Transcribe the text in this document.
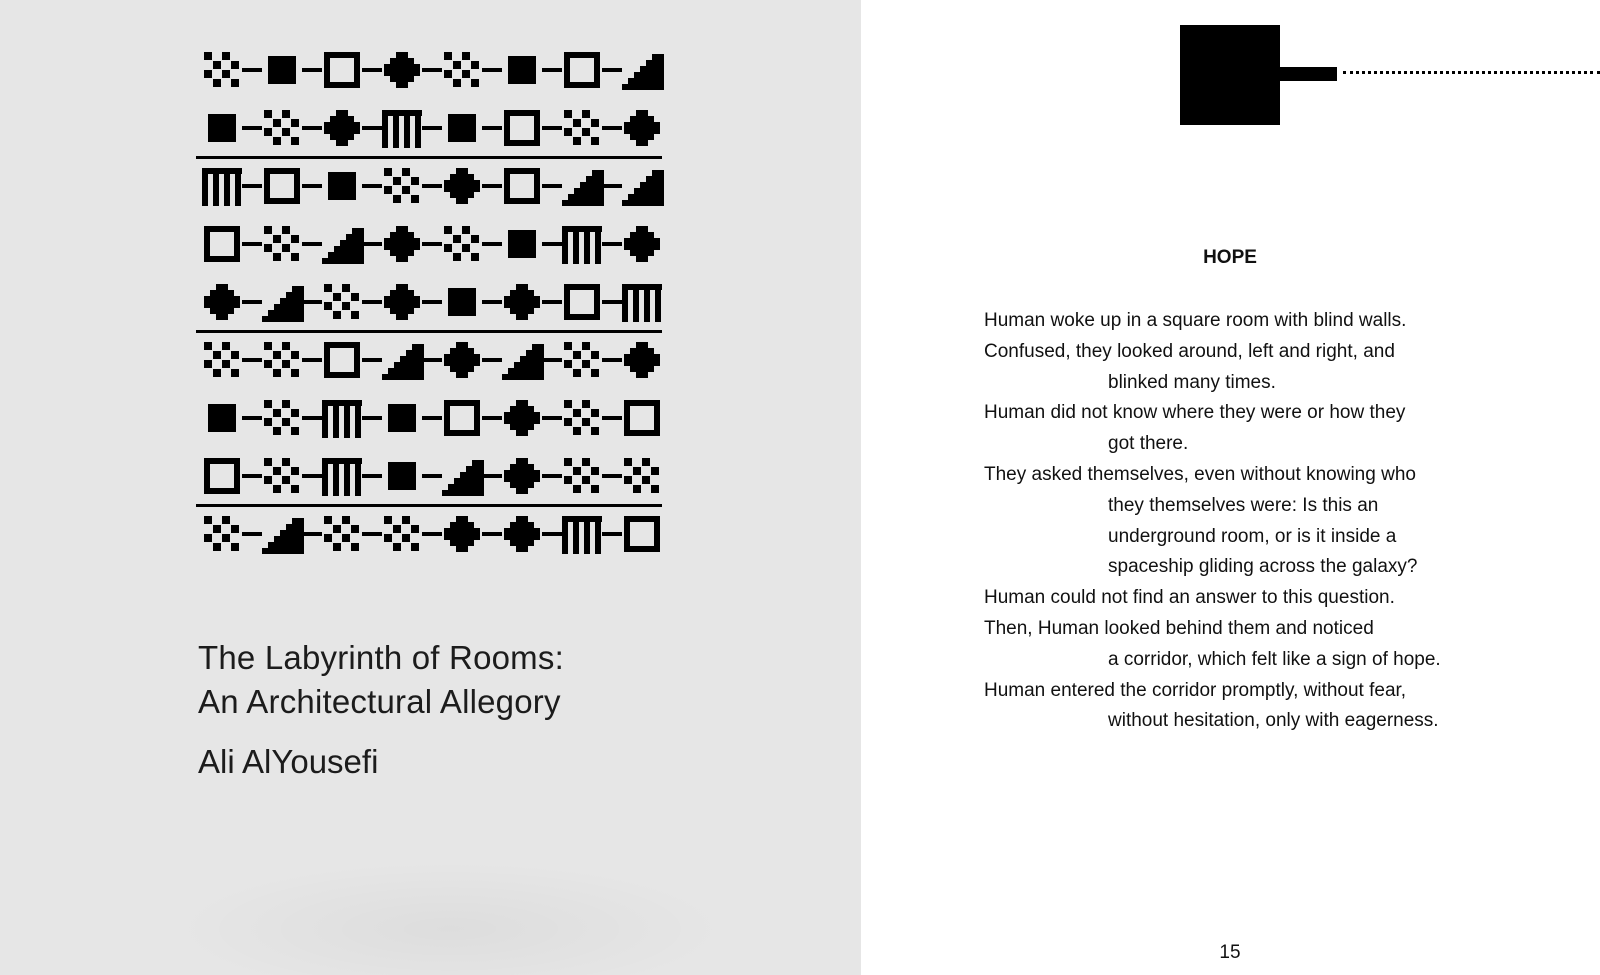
The Labyrinth of Rooms:
An Architectural Allegory

Ali AlYousefi

HOPE
Human woke up in a square room with blind walls.
Confused, they looked around, left and right, and
blinked many times.
Human did not know where they were or how they
got there.
They asked themselves, even without knowing who
they themselves were: Is this an
underground room, or is it inside a
spaceship gliding across the galaxy?
Human could not find an answer to this question.
Then, Human looked behind them and noticed
a corridor, which felt like a sign of hope.
Human entered the corridor promptly, without fear,
without hesitation, only with eagerness.
15
